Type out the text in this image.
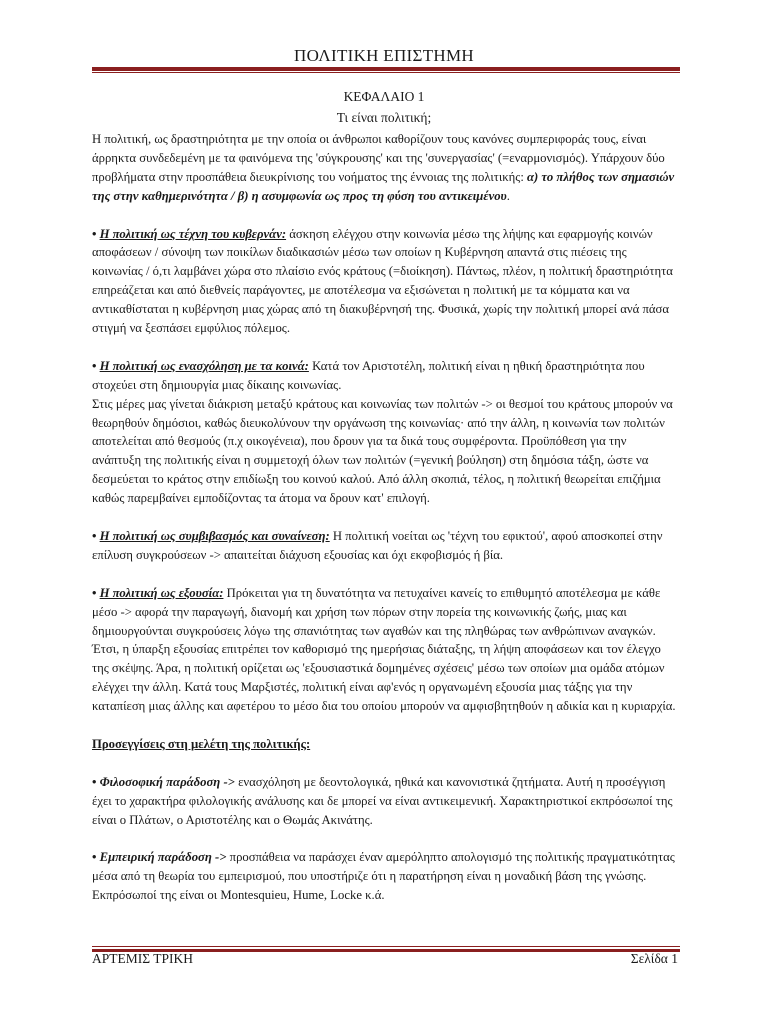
ΠΟΛΙΤΙΚΗ ΕΠΙΣΤΗΜΗ
ΚΕΦΑΛΑΙΟ 1
Τι είναι πολιτική;

Η πολιτική, ως δραστηριότητα με την οποία οι άνθρωποι καθορίζουν τους κανόνες συμπεριφοράς τους, είναι άρρηκτα συνδεδεμένη με τα φαινόμενα της 'σύγκρουσης' και της 'συνεργασίας' (=εναρμονισμός). Υπάρχουν δύο προβλήματα στην προσπάθεια διευκρίνισης του νοήματος της έννοιας της πολιτικής: α) το πλήθος των σημασιών της στην καθημερινότητα / β) η ασυμφωνία ως προς τη φύση του αντικειμένου.

• Η πολιτική ως τέχνη του κυβερνάν: άσκηση ελέγχου στην κοινωνία μέσω της λήψης και εφαρμογής κοινών αποφάσεων / σύνοψη των ποικίλων διαδικασιών μέσω των οποίων η Κυβέρνηση απαντά στις πιέσεις της κοινωνίας / ό,τι λαμβάνει χώρα στο πλαίσιο ενός κράτους (=διοίκηση). Πάντως, πλέον, η πολιτική δραστηριότητα επηρεάζεται και από διεθνείς παράγοντες, με αποτέλεσμα να εξισώνεται η πολιτική με τα κόμματα και να αντικαθίσταται η κυβέρνηση μιας χώρας από τη διακυβέρνησή της. Φυσικά, χωρίς την πολιτική μπορεί ανά πάσα στιγμή να ξεσπάσει εμφύλιος πόλεμος.

• Η πολιτική ως ενασχόληση με τα κοινά: Κατά τον Αριστοτέλη, πολιτική είναι η ηθική δραστηριότητα που στοχεύει στη δημιουργία μιας δίκαιης κοινωνίας.

Στις μέρες μας γίνεται διάκριση μεταξύ κράτους και κοινωνίας των πολιτών -> οι θεσμοί του κράτους μπορούν να θεωρηθούν δημόσιοι, καθώς διευκολύνουν την οργάνωση της κοινωνίας· από την άλλη, η κοινωνία των πολιτών αποτελείται από θεσμούς (π.χ οικογένεια), που δρουν για τα δικά τους συμφέροντα. Προϋπόθεση για την ανάπτυξη της πολιτικής είναι η συμμετοχή όλων των πολιτών (=γενική βούληση) στη δημόσια τάξη, ώστε να δεσμεύεται το κράτος στην επιδίωξη του κοινού καλού. Από άλλη σκοπιά, τέλος, η πολιτική θεωρείται επιζήμια καθώς παρεμβαίνει εμποδίζοντας τα άτομα να δρουν κατ' επιλογή.

• Η πολιτική ως συμβιβασμός και συναίνεση: Η πολιτική νοείται ως 'τέχνη του εφικτού', αφού αποσκοπεί στην επίλυση συγκρούσεων -> απαιτείται διάχυση εξουσίας και όχι εκφοβισμός ή βία.

• Η πολιτική ως εξουσία: Πρόκειται για τη δυνατότητα να πετυχαίνει κανείς το επιθυμητό αποτέλεσμα με κάθε μέσο -> αφορά την παραγωγή, διανομή και χρήση των πόρων στην πορεία της κοινωνικής ζωής, μιας και δημιουργούνται συγκρούσεις λόγω της σπανιότητας των αγαθών και της πληθώρας των ανθρώπινων αναγκών. Έτσι, η ύπαρξη εξουσίας επιτρέπει τον καθορισμό της ημερήσιας διάταξης, τη λήψη αποφάσεων και τον έλεγχο της σκέψης. Άρα, η πολιτική ορίζεται ως 'εξουσιαστικά δομημένες σχέσεις' μέσω των οποίων μια ομάδα ατόμων ελέγχει την άλλη. Κατά τους Μαρξιστές, πολιτική είναι αφ'ενός η οργανωμένη εξουσία μιας τάξης για την καταπίεση μιας άλλης και αφετέρου το μέσο δια του οποίου μπορούν να αμφισβητηθούν η αδικία και η κυριαρχία.

Προσεγγίσεις στη μελέτη της πολιτικής:

• Φιλοσοφική παράδοση -> ενασχόληση με δεοντολογικά, ηθικά και κανονιστικά ζητήματα. Αυτή η προσέγγιση έχει το χαρακτήρα φιλολογικής ανάλυσης και δε μπορεί να είναι αντικειμενική. Χαρακτηριστικοί εκπρόσωποί της είναι ο Πλάτων, ο Αριστοτέλης και ο Θωμάς Ακινάτης.

• Εμπειρική παράδοση -> προσπάθεια να παράσχει έναν αμερόληπτο απολογισμό της πολιτικής πραγματικότητας μέσα από τη θεωρία του εμπειρισμού, που υποστήριζε ότι η παρατήρηση είναι η μοναδική βάση της γνώσης. Εκπρόσωποί της είναι οι Montesquieu, Hume, Locke κ.ά.

ΑΡΤΕΜΙΣ ΤΡΙΚΗ	Σελίδα 1
